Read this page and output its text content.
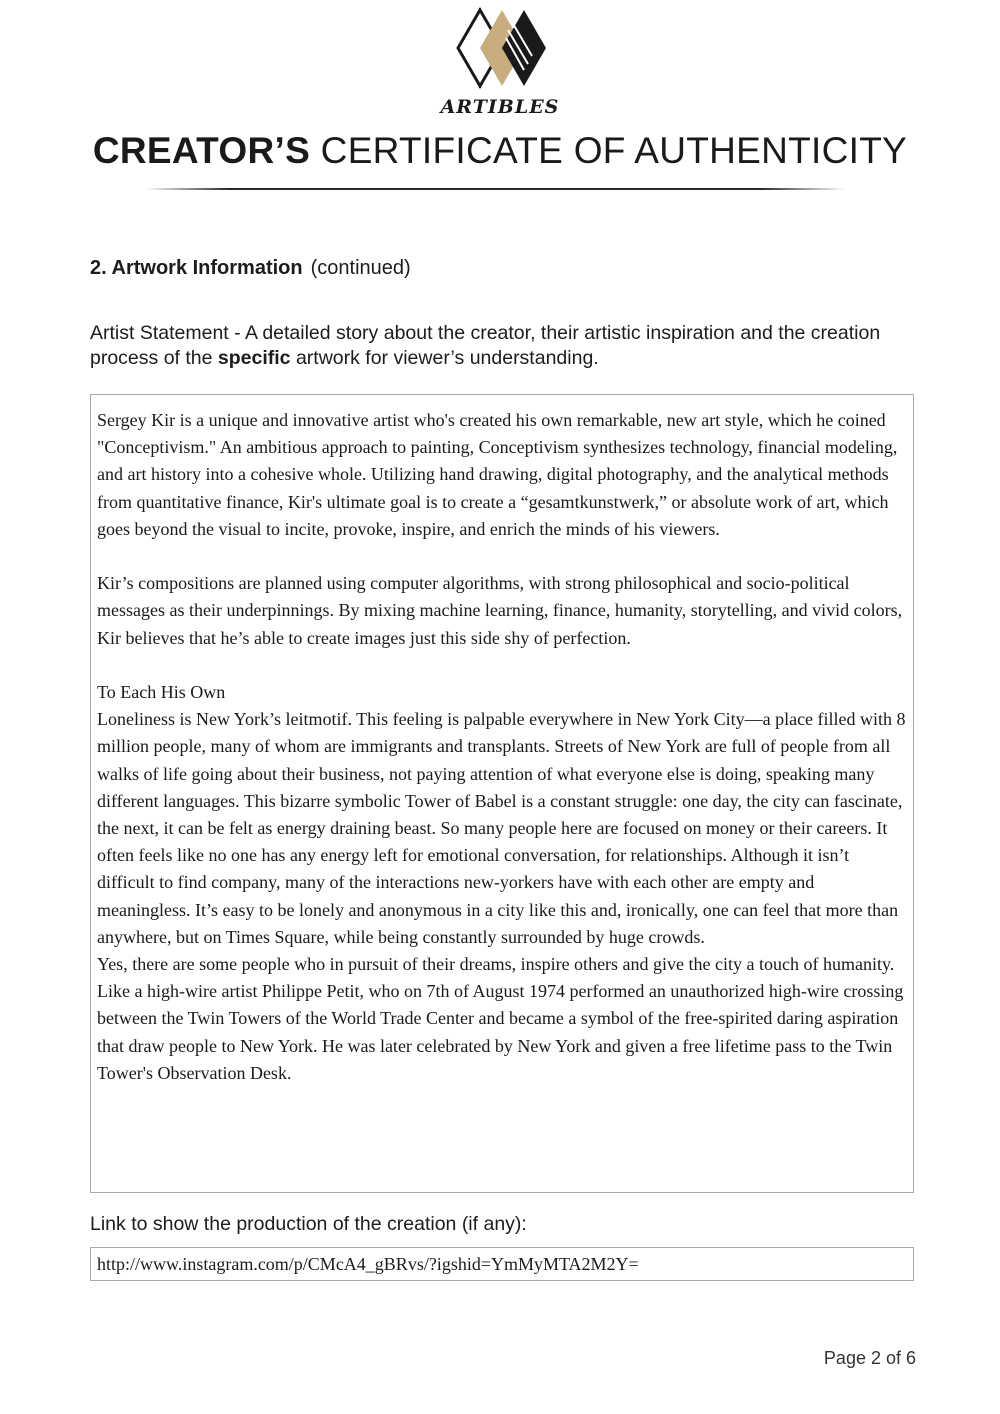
ARTIBLES
CREATOR’S CERTIFICATE OF AUTHENTICITY
2. Artwork Information (continued)
Artist Statement - A detailed story about the creator, their artistic inspiration and the creation process of the specific artwork for viewer’s understanding.

Sergey Kir is a unique and innovative artist who's created his own remarkable, new art style, which he coined "Conceptivism." An ambitious approach to painting, Conceptivism synthesizes technology, financial modeling, and art history into a cohesive whole. Utilizing hand drawing, digital photography, and the analytical methods from quantitative finance, Kir's ultimate goal is to create a “gesamtkunstwerk,” or absolute work of art, which goes beyond the visual to incite, provoke, inspire, and enrich the minds of his viewers.

Kir’s compositions are planned using computer algorithms, with strong philosophical and socio-political messages as their underpinnings. By mixing machine learning, finance, humanity, storytelling, and vivid colors, Kir believes that he’s able to create images just this side shy of perfection.

To Each His Own

Loneliness is New York’s leitmotif. This feeling is palpable everywhere in New York City—a place filled with 8 million people, many of whom are immigrants and transplants. Streets of New York are full of people from all walks of life going about their business, not paying attention of what everyone else is doing, speaking many different languages. This bizarre symbolic Tower of Babel is a constant struggle: one day, the city can fascinate, the next, it can be felt as energy draining beast. So many people here are focused on money or their careers. It often feels like no one has any energy left for emotional conversation, for relationships. Although it isn’t difficult to find company, many of the interactions new-yorkers have with each other are empty and meaningless. It’s easy to be lonely and anonymous in a city like this and, ironically, one can feel that more than anywhere, but on Times Square, while being constantly surrounded by huge crowds.

Yes, there are some people who in pursuit of their dreams, inspire others and give the city a touch of humanity. Like a high-wire artist Philippe Petit, who on 7th of August 1974 performed an unauthorized high-wire crossing between the Twin Towers of the World Trade Center and became a symbol of the free-spirited daring aspiration that draw people to New York. He was later celebrated by New York and given a free lifetime pass to the Twin Tower's Observation Desk.

Link to show the production of the creation (if any):
http://www.instagram.com/p/CMcA4_gBRvs/?igshid=YmMyMTA2M2Y=
Page 2 of 6
